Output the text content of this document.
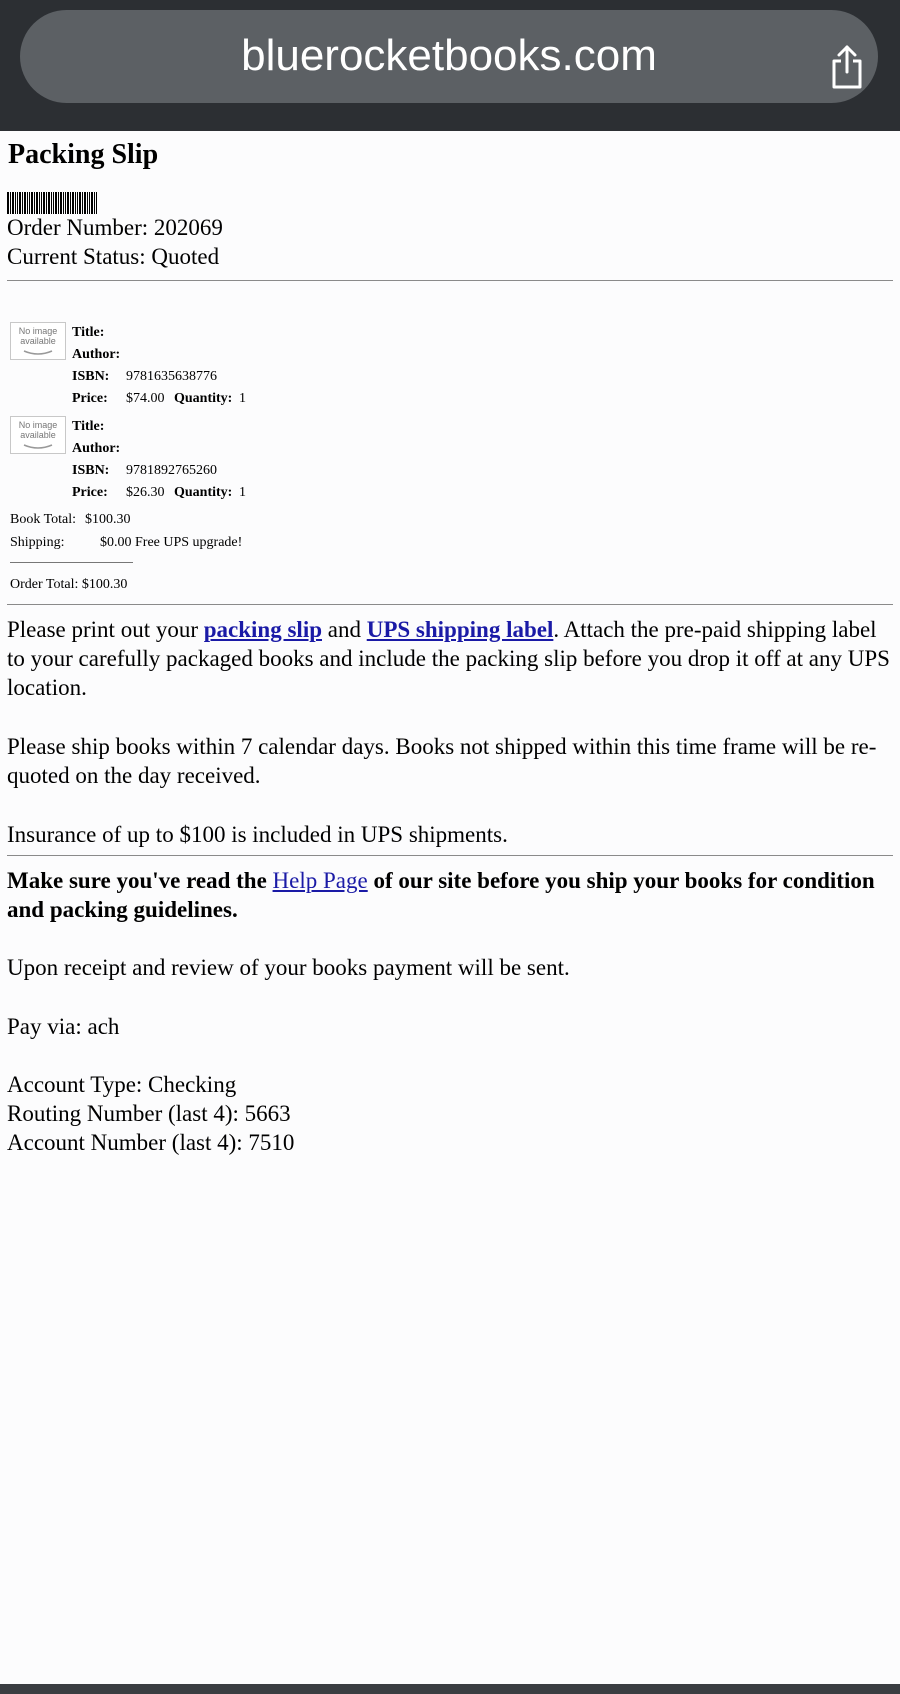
bluerocketbooks.com
Packing Slip
Order Number: 202069
Current Status: Quoted
No image
available
Title:
Author:
ISBN: 9781635638776
Price: $74.00 Quantity: 1
No image
available
Title:
Author:
ISBN: 9781892765260
Price: $26.30 Quantity: 1
Book Total: $100.30
Shipping:	$0.00 Free UPS upgrade!
Order Total: $100.30
Please print out your packing slip and UPS shipping label. Attach the pre-paid shipping label to your carefully packaged books and include the packing slip before you drop it off at any UPS location.
Please ship books within 7 calendar days. Books not shipped within this time frame will be re-quoted on the day received.
Insurance of up to $100 is included in UPS shipments.
Make sure you've read the Help Page of our site before you ship your books for condition and packing guidelines.
Upon receipt and review of your books payment will be sent.
Pay via: ach
Account Type: Checking
Routing Number (last 4): 5663
Account Number (last 4): 7510
